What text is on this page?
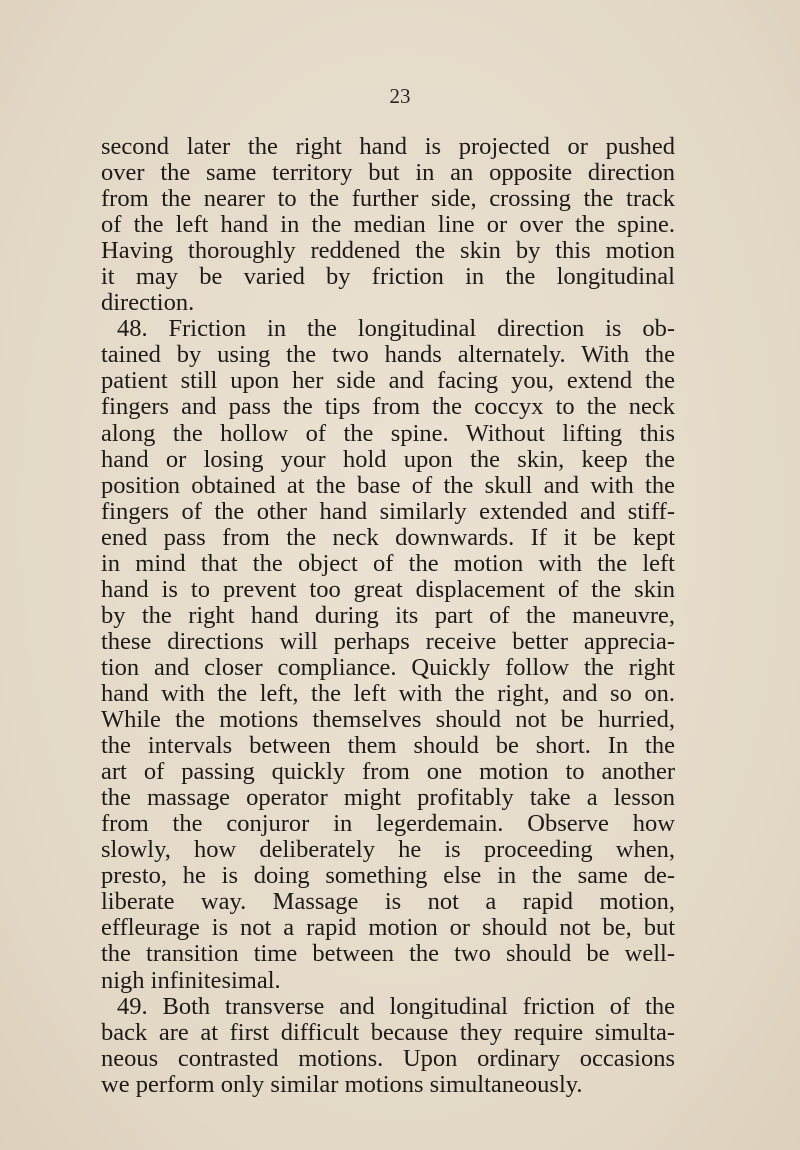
23
second later the right hand is projected or pushed
over the same territory but in an opposite direction
from the nearer to the further side, crossing the track
of the left hand in the median line or over the spine.
Having thoroughly reddened the skin by this motion
it may be varied by friction in the longitudinal
direction.
48. Friction in the longitudinal direction is ob-
tained by using the two hands alternately. With the
patient still upon her side and facing you, extend the
fingers and pass the tips from the coccyx to the neck
along the hollow of the spine. Without lifting this
hand or losing your hold upon the skin, keep the
position obtained at the base of the skull and with the
fingers of the other hand similarly extended and stiff-
ened pass from the neck downwards. If it be kept
in mind that the object of the motion with the left
hand is to prevent too great displacement of the skin
by the right hand during its part of the maneuvre,
these directions will perhaps receive better apprecia-
tion and closer compliance. Quickly follow the right
hand with the left, the left with the right, and so on.
While the motions themselves should not be hurried,
the intervals between them should be short. In the
art of passing quickly from one motion to another
the massage operator might profitably take a lesson
from the conjuror in legerdemain. Observe how
slowly, how deliberately he is proceeding when,
presto, he is doing something else in the same de-
liberate way. Massage is not a rapid motion,
effleurage is not a rapid motion or should not be, but
the transition time between the two should be well-
nigh infinitesimal.
49. Both transverse and longitudinal friction of the
back are at first difficult because they require simulta-
neous contrasted motions. Upon ordinary occasions
we perform only similar motions simultaneously.
